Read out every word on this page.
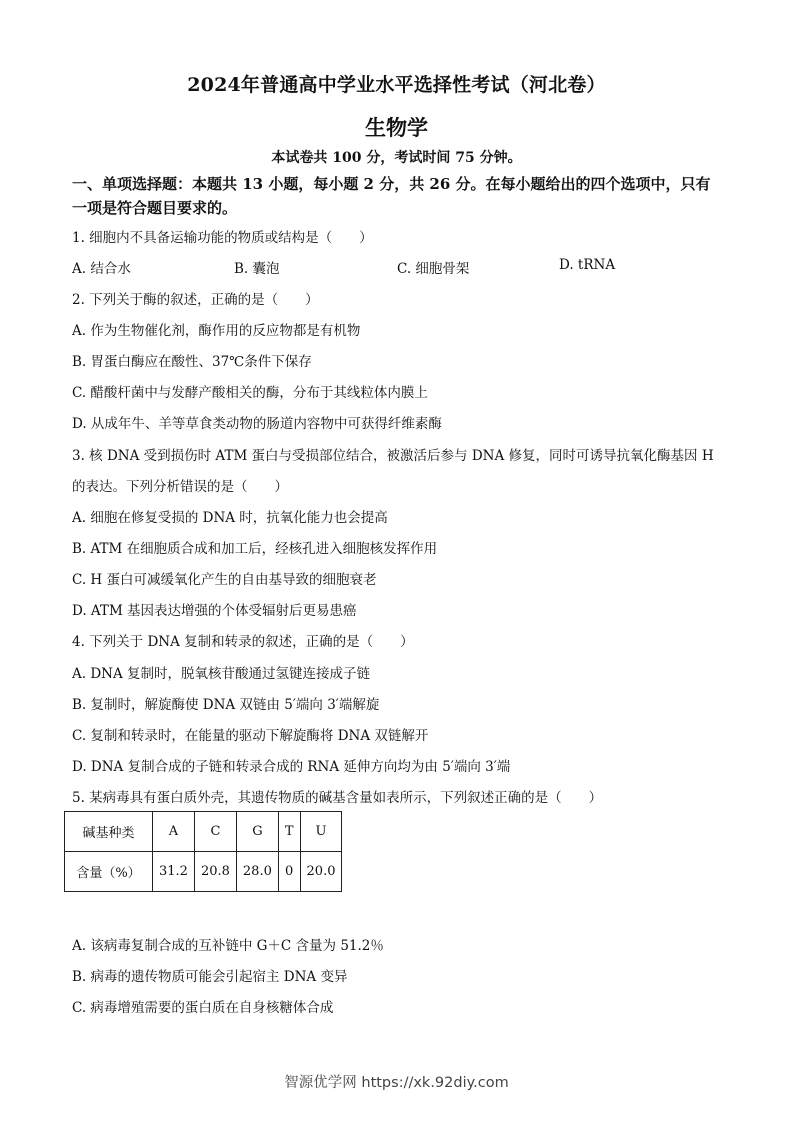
2024年普通高中学业水平选择性考试（河北卷）
生物学
本试卷共 100 分，考试时间 75 分钟。
一、单项选择题：本题共 13 小题，每小题 2 分，共 26 分。在每小题给出的四个选项中，只有一项是符合题目要求的。
1. 细胞内不具备运输功能的物质或结构是（　　）
A. 结合水	B. 囊泡	C. 细胞骨架	D. tRNA
2. 下列关于酶的叙述，正确的是（　　）
A. 作为生物催化剂，酶作用的反应物都是有机物
B. 胃蛋白酶应在酸性、37℃条件下保存
C. 醋酸杆菌中与发酵产酸相关的酶，分布于其线粒体内膜上
D. 从成年牛、羊等草食类动物的肠道内容物中可获得纤维素酶
3. 核 DNA 受到损伤时 ATM 蛋白与受损部位结合，被激活后参与 DNA 修复，同时可诱导抗氧化酶基因 H
的表达。下列分析错误的是（　　）
A. 细胞在修复受损的 DNA 时，抗氧化能力也会提高
B. ATM 在细胞质合成和加工后，经核孔进入细胞核发挥作用
C. H 蛋白可减缓氧化产生的自由基导致的细胞衰老
D. ATM 基因表达增强的个体受辐射后更易患癌
4. 下列关于 DNA 复制和转录的叙述，正确的是（　　）
A. DNA 复制时，脱氧核苷酸通过氢键连接成子链
B. 复制时，解旋酶使 DNA 双链由 5′端向 3′端解旋
C. 复制和转录时，在能量的驱动下解旋酶将 DNA 双链解开
D. DNA 复制合成的子链和转录合成的 RNA 延伸方向均为由 5′端向 3′端
5. 某病毒具有蛋白质外壳，其遗传物质的碱基含量如表所示，下列叙述正确的是（　　）
碱基种类	A	C	G	T	U
含量（%）	31.2	20.8	28.0	0	20.0
A. 该病毒复制合成的互补链中 G＋C 含量为 51.2％
B. 病毒的遗传物质可能会引起宿主 DNA 变异
C. 病毒增殖需要的蛋白质在自身核糖体合成
智源优学网 https://xk.92diy.com
